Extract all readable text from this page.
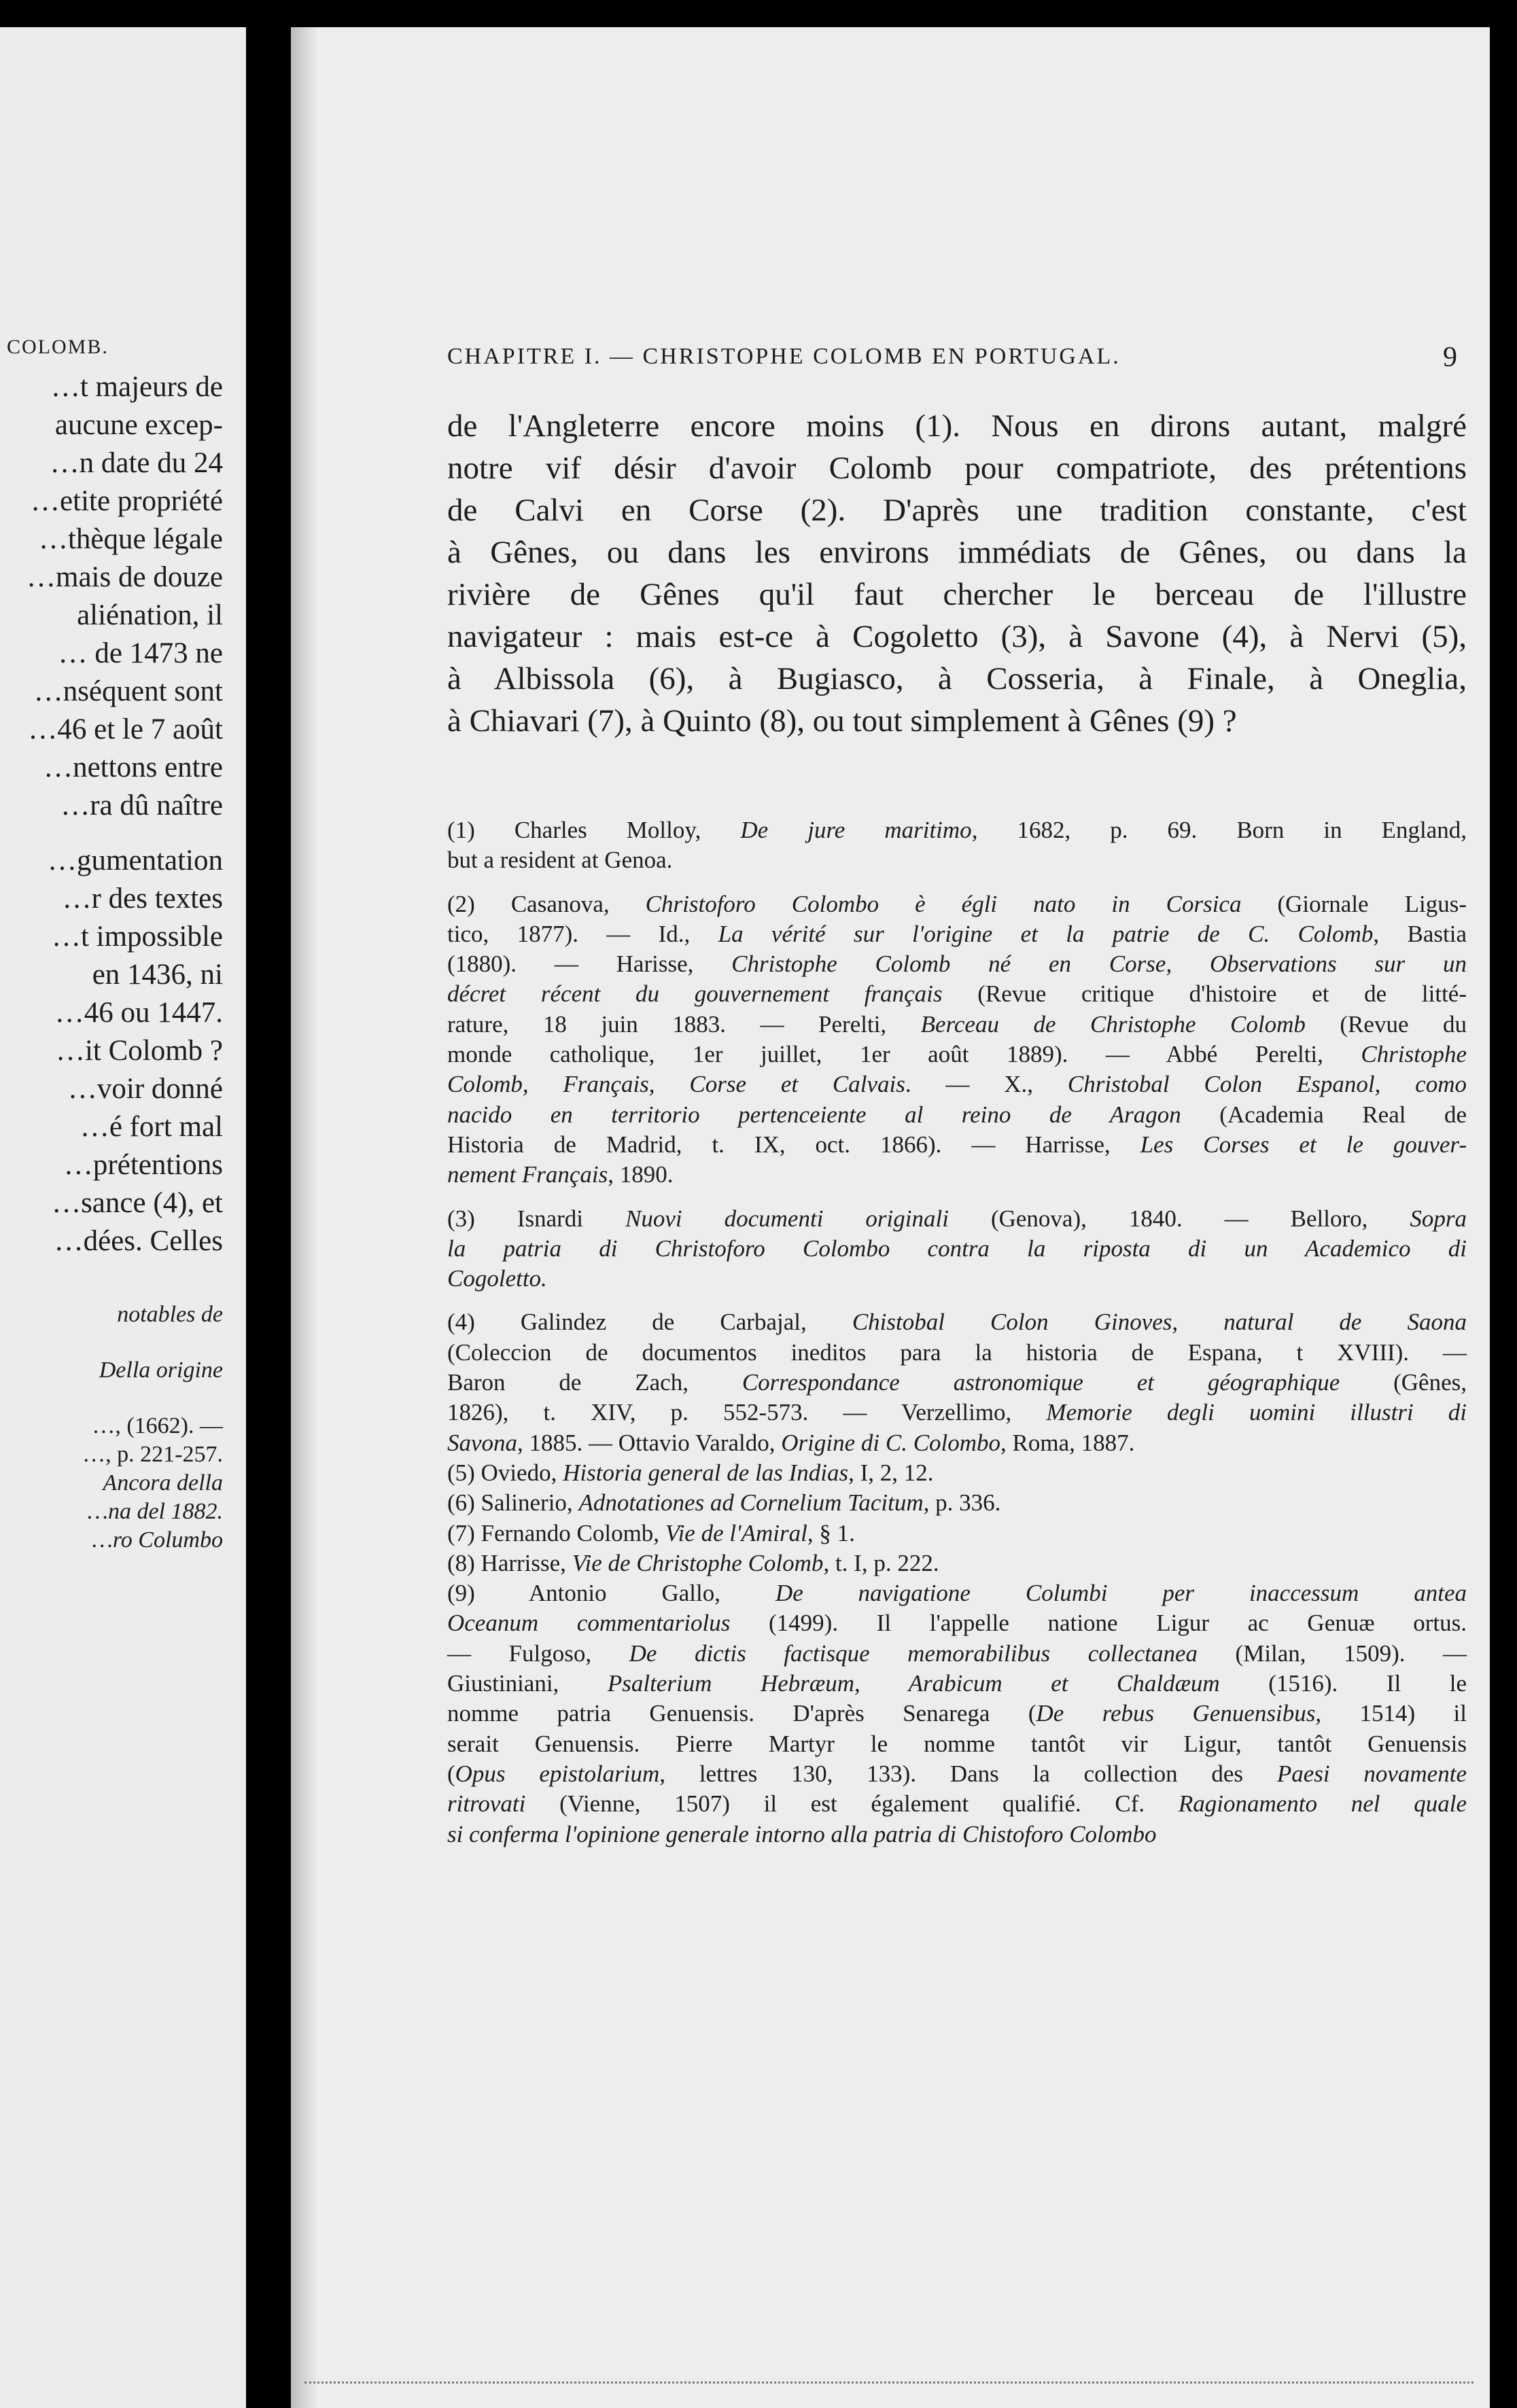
COLOMB.
…t majeurs de
aucune excep-
…n date du 24
…etite propriété
…thèque légale
…mais de douze
aliénation, il
… de 1473 ne
…nséquent sont
…46 et le 7 août
…nettons entre
…ra dû naître
…gumentation
…r des textes
…t impossible
en 1436, ni
…46 ou 1447.
…it Colomb ?
…voir donné
…é fort mal
…prétentions
…sance (4), et
…dées. Celles
notables de
Della origine
…, (1662). —
…, p. 221-257.
Ancora della
…na del 1882.
…ro Columbo
CHAPITRE I. — CHRISTOPHE COLOMB EN PORTUGAL.	9
de l'Angleterre encore moins (1). Nous en dirons autant, malgré
notre vif désir d'avoir Colomb pour compatriote, des prétentions
de Calvi en Corse (2). D'après une tradition constante, c'est
à Gênes, ou dans les environs immédiats de Gênes, ou dans la
rivière de Gênes qu'il faut chercher le berceau de l'illustre
navigateur : mais est-ce à Cogoletto (3), à Savone (4), à Nervi (5),
à Albissola (6), à Bugiasco, à Cosseria, à Finale, à Oneglia,
à Chiavari (7), à Quinto (8), ou tout simplement à Gênes (9) ?
(1) Charles Molloy, De jure maritimo, 1682, p. 69. Born in England,
but a resident at Genoa.
(2) Casanova, Christoforo Colombo è égli nato in Corsica (Giornale Ligus-
tico, 1877). — Id., La vérité sur l'origine et la patrie de C. Colomb, Bastia
(1880). — Harisse, Christophe Colomb né en Corse, Observations sur un
décret récent du gouvernement français (Revue critique d'histoire et de litté-
rature, 18 juin 1883. — Perelti, Berceau de Christophe Colomb (Revue du
monde catholique, 1er juillet, 1er août 1889). — Abbé Perelti, Christophe
Colomb, Français, Corse et Calvais. — X., Christobal Colon Espanol, como
nacido en territorio pertenceiente al reino de Aragon (Academia Real de
Historia de Madrid, t. IX, oct. 1866). — Harrisse, Les Corses et le gouver-
nement Français, 1890.
(3) Isnardi Nuovi documenti originali (Genova), 1840. — Belloro, Sopra
la patria di Christoforo Colombo contra la riposta di un Academico di
Cogoletto.
(4) Galindez de Carbajal, Chistobal Colon Ginoves, natural de Saona
(Coleccion de documentos ineditos para la historia de Espana, t XVIII). —
Baron de Zach, Correspondance astronomique et géographique (Gênes,
1826), t. XIV, p. 552-573. — Verzellimo, Memorie degli uomini illustri di
Savona, 1885. — Ottavio Varaldo, Origine di C. Colombo, Roma, 1887.
(5) Oviedo, Historia general de las Indias, I, 2, 12.
(6) Salinerio, Adnotationes ad Cornelium Tacitum, p. 336.
(7) Fernando Colomb, Vie de l'Amiral, § 1.
(8) Harrisse, Vie de Christophe Colomb, t. I, p. 222.
(9) Antonio Gallo, De navigatione Columbi per inaccessum antea
Oceanum commentariolus (1499). Il l'appelle natione Ligur ac Genuæ ortus.
— Fulgoso, De dictis factisque memorabilibus collectanea (Milan, 1509). —
Giustiniani, Psalterium Hebræum, Arabicum et Chaldæum (1516). Il le
nomme patria Genuensis. D'après Senarega (De rebus Genuensibus, 1514) il
serait Genuensis. Pierre Martyr le nomme tantôt vir Ligur, tantôt Genuensis
(Opus epistolarium, lettres 130, 133). Dans la collection des Paesi novamente
ritrovati (Vienne, 1507) il est également qualifié. Cf. Ragionamento nel quale
si conferma l'opinione generale intorno alla patria di Chistoforo Colombo
